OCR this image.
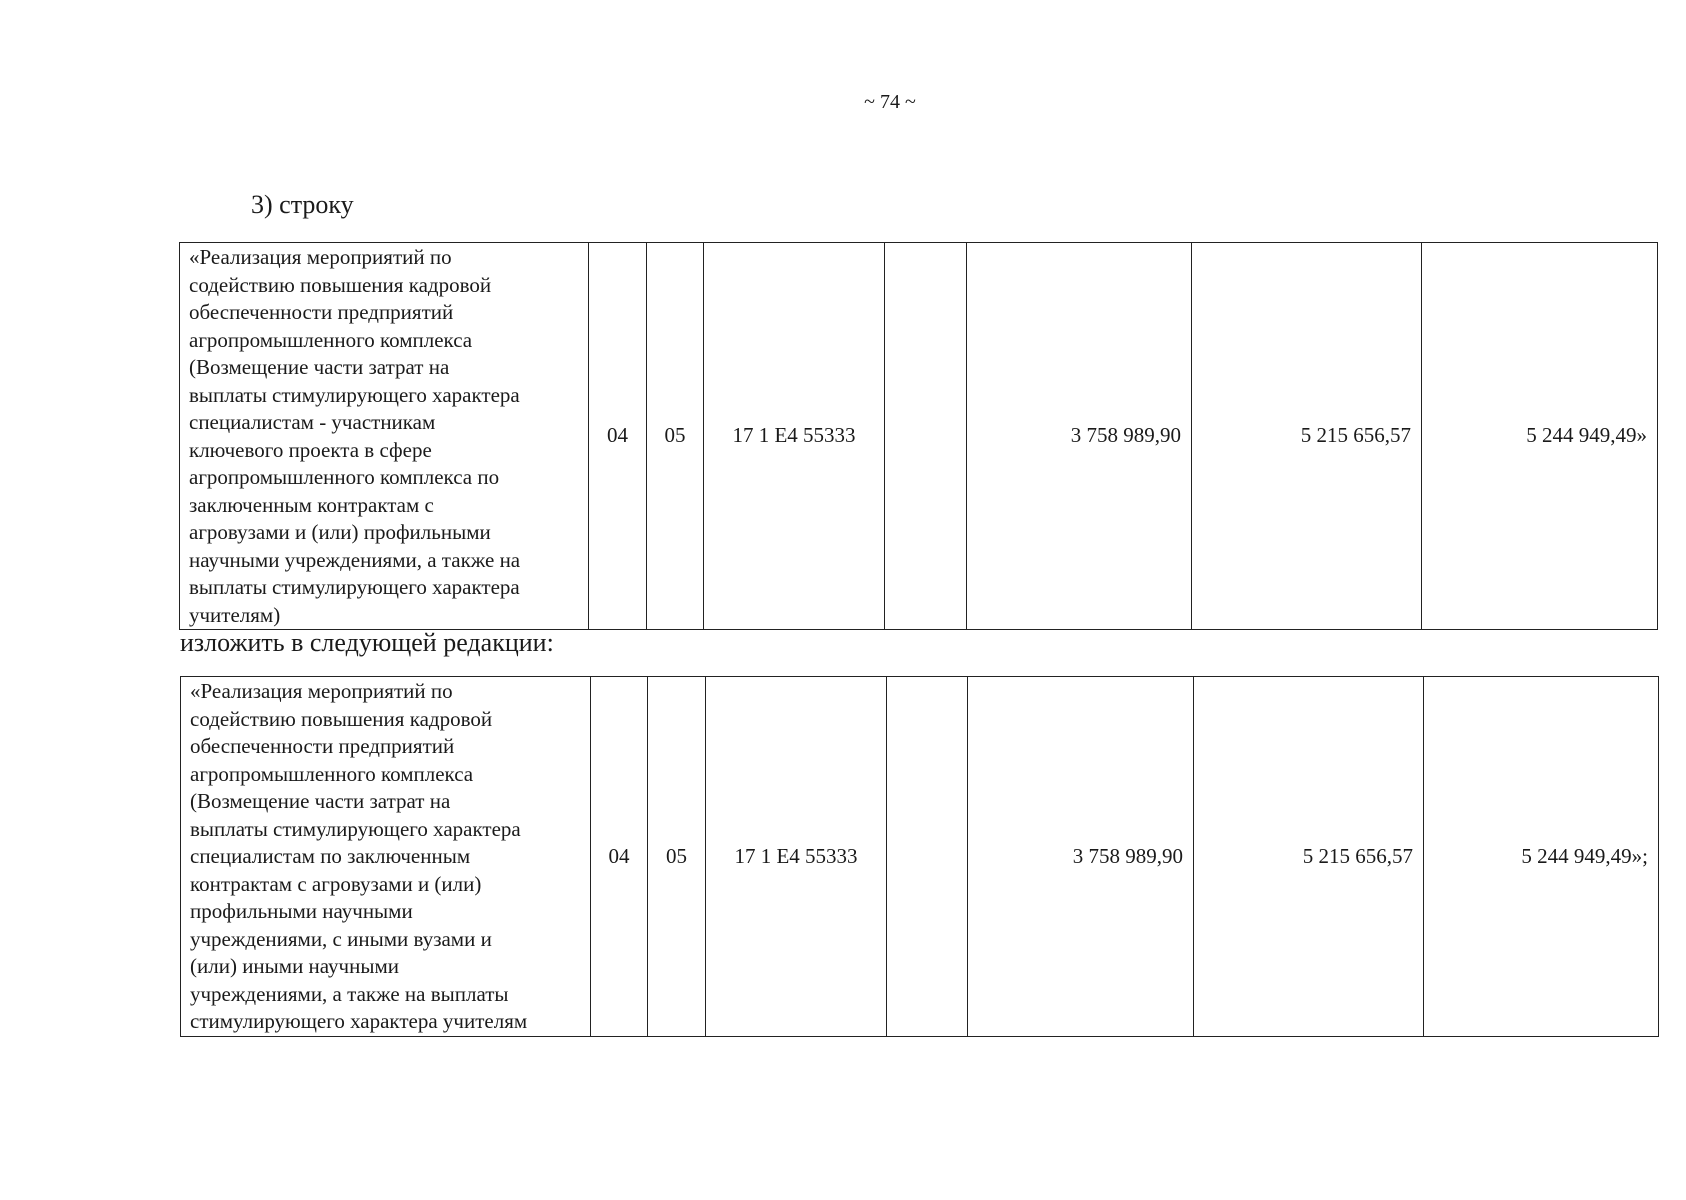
~ 74 ~
3) строку
«Реализация мероприятий по
содействию повышения кадровой
обеспеченности предприятий
агропромышленного комплекса
(Возмещение части затрат на
выплаты стимулирующего характера
специалистам - участникам
ключевого проекта в сфере
агропромышленного комплекса по
заключенным контрактам с
агровузами и (или) профильными
научными учреждениями, а также на
выплаты стимулирующего характера
учителям)
	04	05	17 1 E4 55333		3 758 989,90	5 215 656,57	5 244 949,49»
изложить в следующей редакции:
«Реализация мероприятий по
содействию повышения кадровой
обеспеченности предприятий
агропромышленного комплекса
(Возмещение части затрат на
выплаты стимулирующего характера
специалистам по заключенным
контрактам с агровузами и (или)
профильными научными
учреждениями, с иными вузами и
(или) иными научными
учреждениями, а также на выплаты
стимулирующего характера учителям
	04	05	17 1 E4 55333		3 758 989,90	5 215 656,57	5 244 949,49»;
